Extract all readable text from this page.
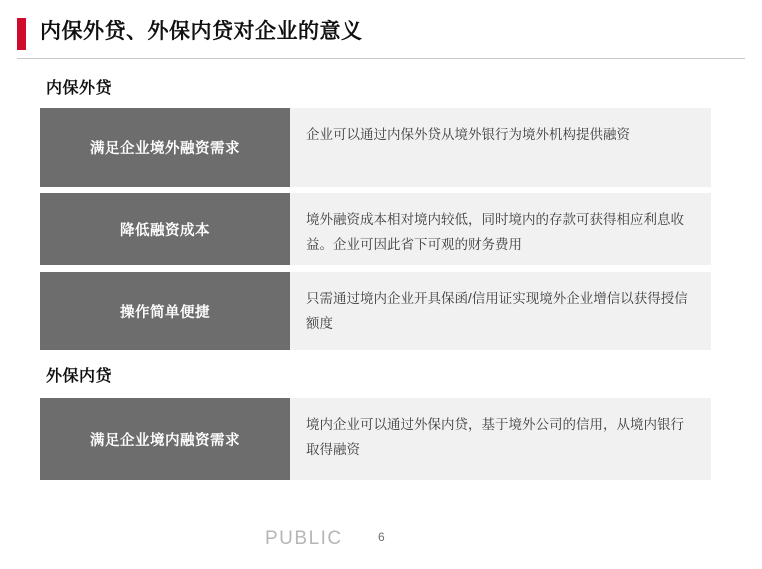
内保外贷、外保内贷对企业的意义
内保外贷
满足企业境外融资需求
企业可以通过内保外贷从境外银行为境外机构提供融资
降低融资成本
境外融资成本相对境内较低，同时境内的存款可获得相应利息收益。企业可因此省下可观的财务费用
操作简单便捷
只需通过境内企业开具保函/信用证实现境外企业增信以获得授信额度
外保内贷
满足企业境内融资需求
境内企业可以通过外保内贷，基于境外公司的信用，从境内银行取得融资
PUBLIC	6
